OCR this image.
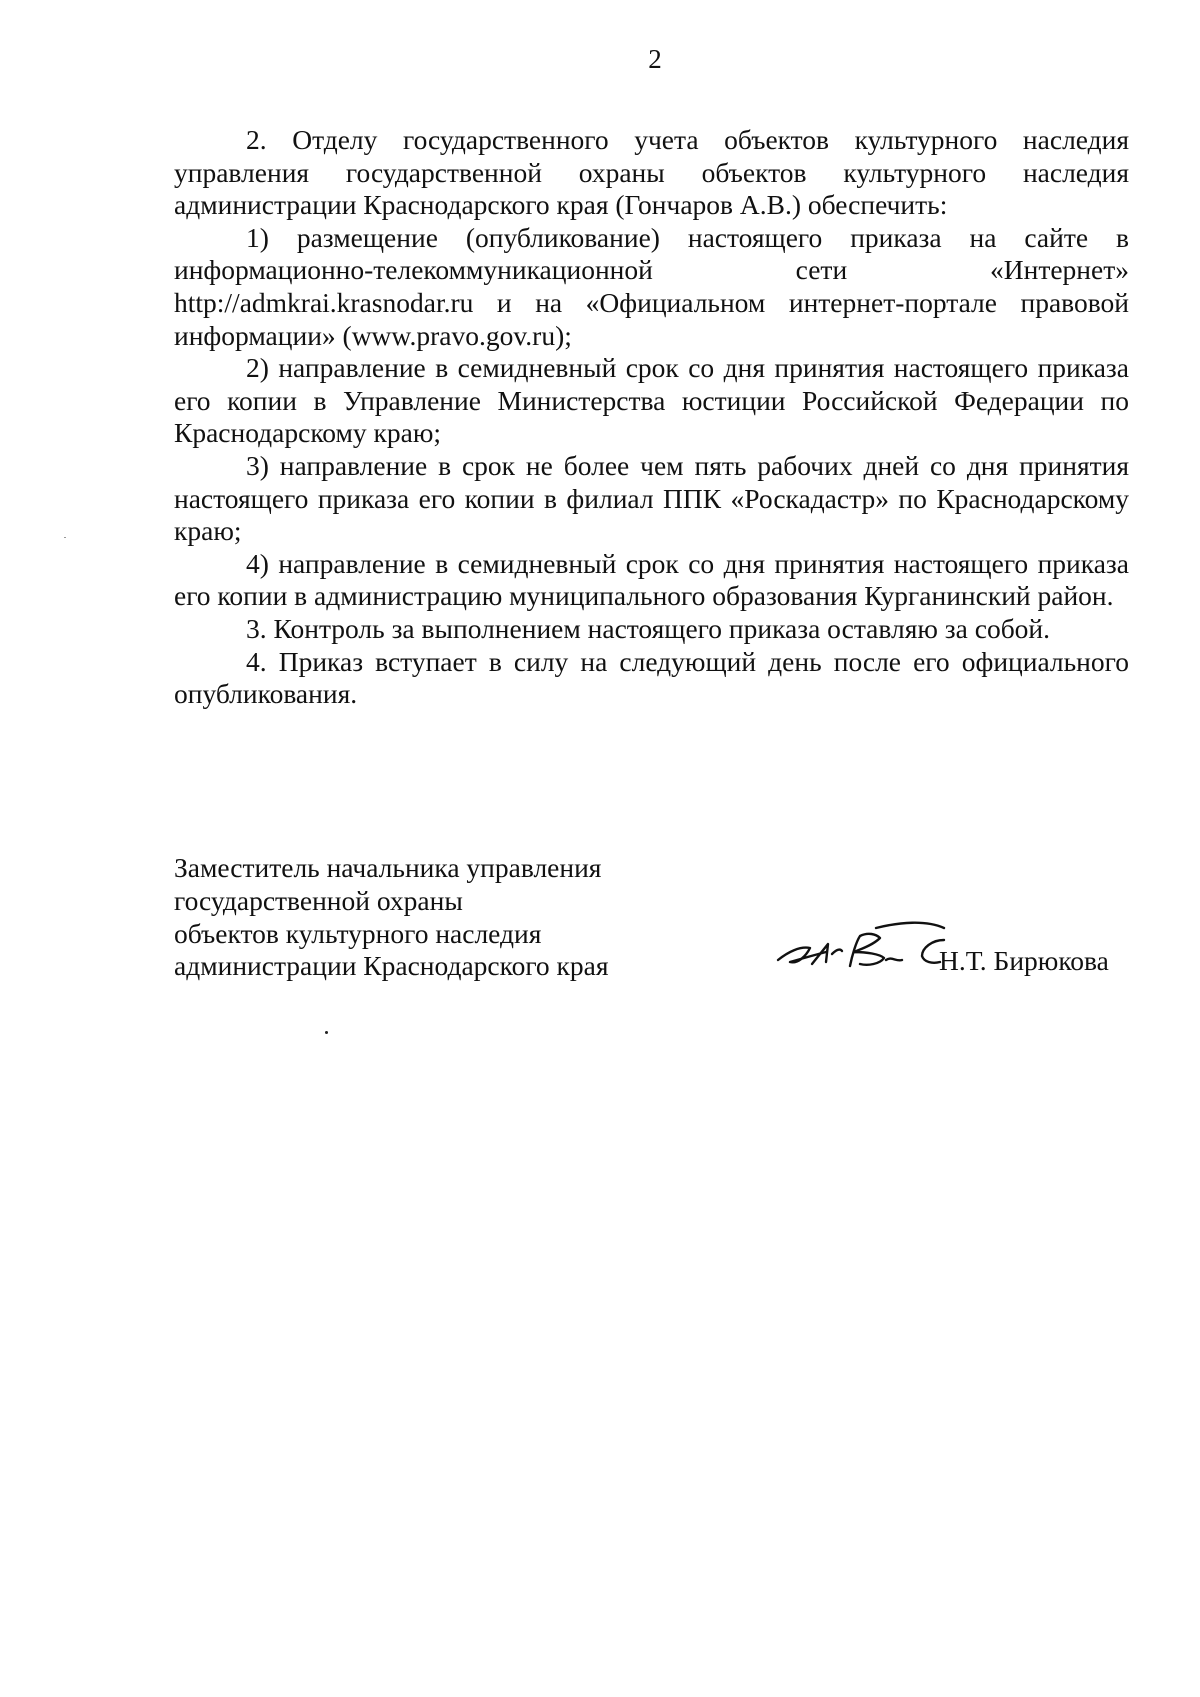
2

2. Отделу государственного учета объектов культурного наследия управления государственной охраны объектов культурного наследия администрации Краснодарского края (Гончаров А.В.) обеспечить:

1) размещение (опубликование) настоящего приказа на сайте в информационно-телекоммуникационной сети «Интернет» http://admkrai.krasnodar.ru и на «Официальном интернет-портале правовой информации» (www.pravo.gov.ru);

2) направление в семидневный срок со дня принятия настоящего приказа его копии в Управление Министерства юстиции Российской Федерации по Краснодарскому краю;

3) направление в срок не более чем пять рабочих дней со дня принятия настоящего приказа его копии в филиал ППК «Роскадастр» по Краснодарскому краю;

4) направление в семидневный срок со дня принятия настоящего приказа его копии в администрацию муниципального образования Курганинский район.

3. Контроль за выполнением настоящего приказа оставляю за собой.

4. Приказ вступает в силу на следующий день после его официального опубликования.

Заместитель начальника управления
государственной охраны
объектов культурного наследия
администрации Краснодарского края	Н.Т. Бирюкова
